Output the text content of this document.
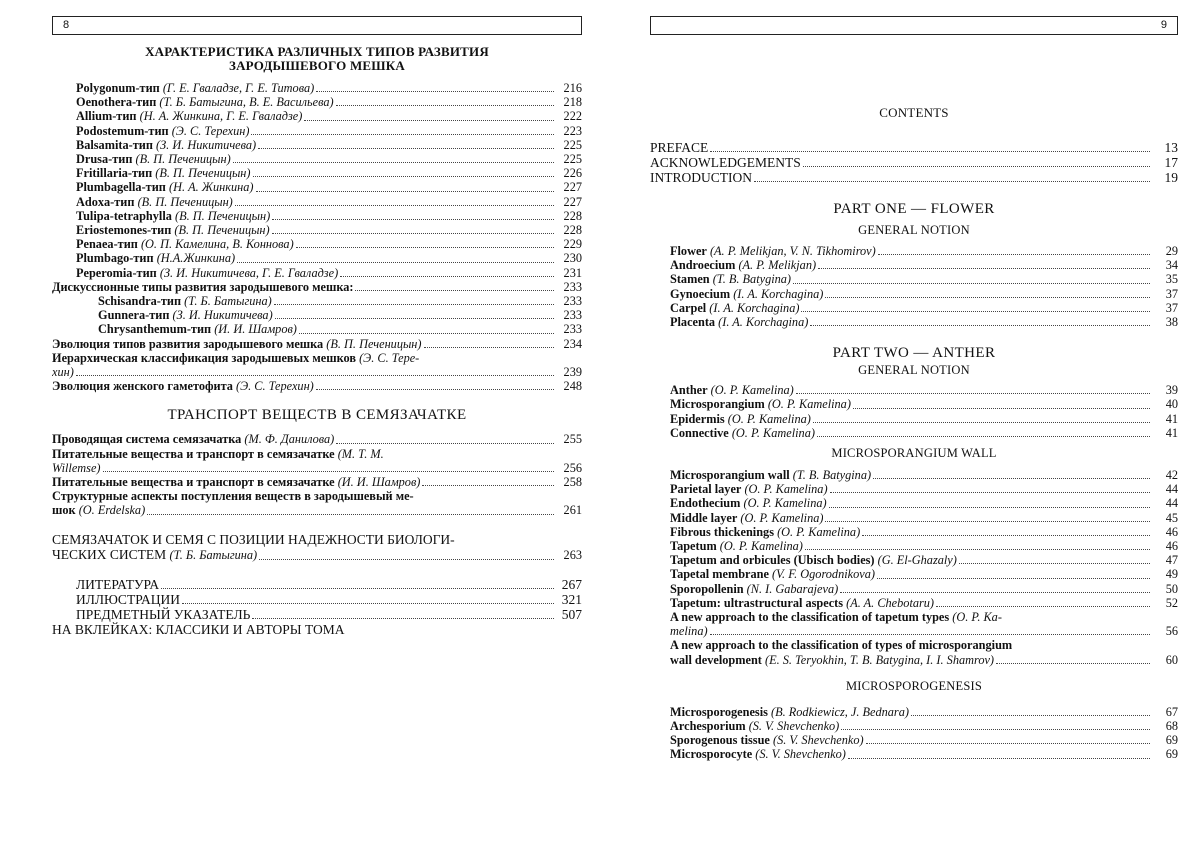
8
ХАРАКТЕРИСТИКА РАЗЛИЧНЫХ ТИПОВ РАЗВИТИЯ
ЗАРОДЫШЕВОГО МЕШКА
Polygonum-тип (Г. Е. Гвaладзе, Г. Е. Титова)	216
Oenothera-тип (Т. Б. Батыгина, В. Е. Васильева)	218
Allium-тип (Н. А. Жинкина, Г. Е. Гвaладзе)	222
Podostemum-тип (Э. С. Терехин)	223
Balsamita-тип (З. И. Никитичева)	225
Drusa-тип (В. П. Печеницын)	225
Fritillaria-тип (В. П. Печеницын)	226
Plumbagella-тип (Н. А. Жинкина)	227
Adoxa-тип (В. П. Печеницын)	227
Tulipa-tetraphylla (В. П. Печеницын)	228
Eriostemones-тип (В. П. Печеницын)	228
Penaea-тип (О. П. Камелина, В. Коннова)	229
Plumbago-тип (Н.А.Жинкина)	230
Peperomia-тип (З. И. Никитичева, Г. Е. Гвaладзе)	231
Дискуссионные типы развития зародышевого мешка:	233
Schisandra-тип (Т. Б. Батыгина)	233
Gunnera-тип (З. И. Никитичева)	233
Chrysanthemum-тип (И. И. Шамров)	233
Эволюция типов развития зародышевого мешка (В. П. Печеницын)	234
Иерархическая классификация зародышевых мешков (Э. С. Тере-
хин)	239
Эволюция женского гаметофита (Э. С. Терехин)	248
ТРАНСПОРТ ВЕЩЕСТВ В СЕМЯЗАЧАТКЕ
Проводящая система семязачатка (М. Ф. Данилова)	255
Питательные вещества и транспорт в семязачатке (М. Т. М.
Willemse)	256
Питательные вещества и транспорт в семязачатке (И. И. Шамров)	258
Структурные аспекты поступления веществ в зародышевый ме-
шок (O. Erdelska)	261
СЕМЯЗАЧАТОК И СЕМЯ С ПОЗИЦИИ НАДЕЖНОСТИ БИОЛОГИ-
ЧЕСКИХ СИСТЕМ (Т. Б. Батыгина)	263
ЛИТЕРАТУРА	267
ИЛЛЮСТРАЦИИ	321
ПРЕДМЕТНЫЙ УКАЗАТЕЛЬ	507
НА ВКЛЕЙКАХ: КЛАССИКИ И АВТОРЫ ТОМА
9
CONTENTS
PREFACE	13
ACKNOWLEDGEMENTS	17
INTRODUCTION	19
PART ONE — FLOWER
GENERAL NOTION
Flower (A. P. Melikjan, V. N. Tikhomirov)	29
Androecium (A. P. Melikjan)	34
Stamen (T. B. Batygina)	35
Gynoecium (I. A. Korchagina)	37
Carpel (I. A. Korchagina)	37
Placenta (I. A. Korchagina)	38
PART TWO — ANTHER
GENERAL NOTION
Anther (O. P. Kamelina)	39
Microsporangium (O. P. Kamelina)	40
Epidermis (O. P. Kamelina)	41
Connective (O. P. Kamelina)	41
MICROSPORANGIUM WALL
Microsporangium wall (T. B. Batygina)	42
Parietal layer (O. P. Kamelina)	44
Endothecium (O. P. Kamelina)	44
Middle layer (O. P. Kamelina)	45
Fibrous thickenings (O. P. Kamelina)	46
Tapetum (O. P. Kamelina)	46
Tapetum and orbicules (Ubisch bodies) (G. El-Ghazaly)	47
Tapetal membrane (V. F. Ogorodnikova)	49
Sporopollenin (N. I. Gabarajeva)	50
Tapetum: ultrastructural aspects (A. A. Chebotaru)	52
A new approach to the classification of tapetum types (O. P. Ka-
melina)	56
A new approach to the classification of types of microsporangium
wall development (E. S. Teryokhin, T. B. Batygina, I. I. Shamrov)	60
MICROSPOROGENESIS
Microsporogenesis (B. Rodkiewicz, J. Bednara)	67
Archesporium (S. V. Shevchenko)	68
Sporogenous tissue (S. V. Shevchenko)	69
Microsporocyte (S. V. Shevchenko)	69
